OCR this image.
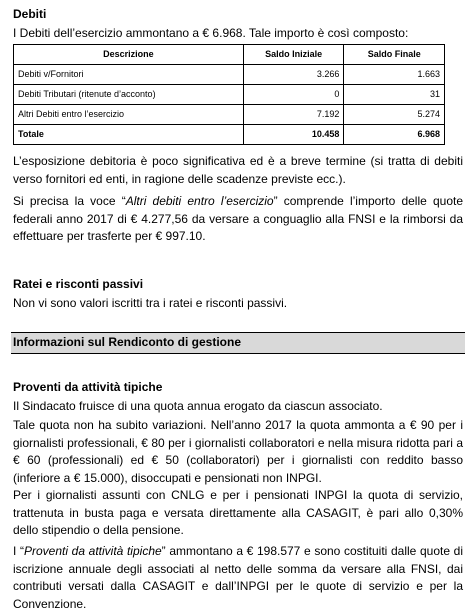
Debiti

I Debiti dell’esercizio ammontano a € 6.968. Tale importo è così composto:

Descrizione	Saldo Iniziale	Saldo Finale
Debiti v/Fornitori	3.266	1.663
Debiti Tributari (ritenute d’acconto)	0	31
Altri Debiti entro l’esercizio	7.192	5.274
Totale	10.458	6.968

L’esposizione debitoria è poco significativa ed è a breve termine (si tratta di debiti verso fornitori ed enti, in ragione delle scadenze previste ecc.).

Si precisa la voce “Altri debiti entro l’esercizio” comprende l’importo delle quote federali anno 2017 di € 4.277,56 da versare a conguaglio alla FNSI e la rimborsi da effettuare per trasferte per € 997.10.

Ratei e risconti passivi

Non vi sono valori iscritti tra i ratei e risconti passivi.

Informazioni sul Rendiconto di gestione
Proventi da attività tipiche

Il Sindacato fruisce di una quota annua erogato da ciascun associato.

Tale quota non ha subito variazioni. Nell’anno 2017 la quota ammonta a € 90 per i giornalisti professionali, € 80 per i giornalisti collaboratori e nella misura ridotta pari a € 60 (professionali) ed € 50 (collaboratori) per i giornalisti con reddito basso (inferiore a € 15.000), disoccupati e pensionati non INPGI.

Per i giornalisti assunti con CNLG e per i pensionati INPGI la quota di servizio, trattenuta in busta paga e versata direttamente alla CASAGIT, è pari allo 0,30% dello stipendio o della pensione.

I “Proventi da attività tipiche” ammontano a € 198.577 e sono costituiti dalle quote di iscrizione annuale degli associati al netto delle somma da versare alla FNSI, dai contributi versati dalla CASAGIT e dall’INPGI per le quote di servizio e per la Convenzione.
